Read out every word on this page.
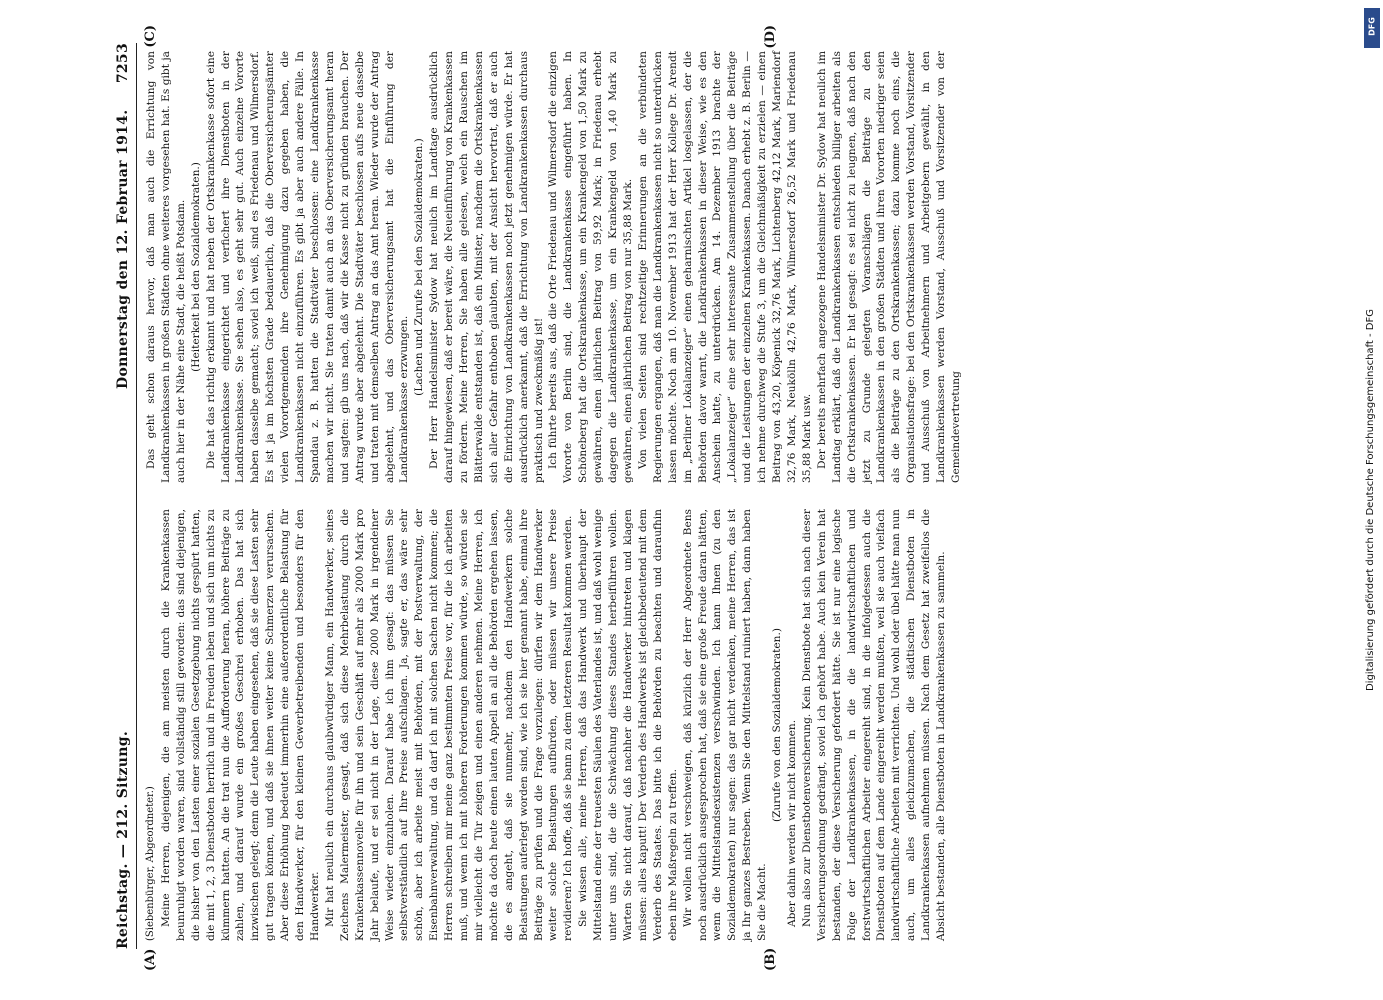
Reichstag. — 212. Sitzung.
Donnerstag den 12. Februar 1914.
7253
(A)	(B)

(Siebenbürger, Abgeordneter.) Meine Herren, diejenigen, die am meisten durch die Krankenkassen beunruhigt worden waren, sind vollständig still geworden: das sind diejenigen, die bisher von den Lasten einer sozialen Gesetzgebung nichts gespürt hatten, die mit 1, 2, 3 Dienstboten herrlich und in Freuden leben und sich um nichts zu kümmern hatten. An die trat nun die Aufforderung heran, höhere Beiträge zu zahlen, und darauf wurde ein großes Geschrei erhoben. Das hat sich inzwischen gelegt; denn die Leute haben eingesehen, daß sie diese Lasten sehr gut tragen können, und daß sie ihnen weiter keine Schmerzen verursachen. Aber diese Erhöhung bedeutet immerhin eine außerordentliche Belastung für den Handwerker, für den kleinen Gewerbetreibenden und besonders für den Handwerker. Mir hat neulich ein durchaus glaubwürdiger Mann, ein Handwerker, seines Zeichens Malermeister, gesagt, daß sich diese Mehrbelastung durch die Krankenkassennovelle für ihn und sein Geschäft auf mehr als 2000 Mark pro Jahr belaufe, und er sei nicht in der Lage, diese 2000 Mark in irgendeiner Weise wieder einzuholen. Darauf habe ich ihm gesagt: das müssen Sie selbstverständlich auf Ihre Preise aufschlagen. Ja, sagte er, das wäre sehr schön, aber ich arbeite meist mit Behörden, mit der Postverwaltung, der Eisenbahnverwaltung, und da darf ich mit solchen Sachen nicht kommen; die Herren schreiben mir meine ganz bestimmten Preise vor, für die ich arbeiten muß, und wenn ich mit höheren Forderungen kommen würde, so würden sie mir vielleicht die Tür zeigen und einen anderen nehmen. Meine Herren, ich möchte da doch heute einen lauten Appell an all die Behörden ergehen lassen, die es angeht, daß sie nunmehr, nachdem den Handwerkern solche Belastungen auferlegt worden sind, wie ich sie hier genannt habe, einmal ihre Beiträge zu prüfen und die Frage vorzulegen: dürfen wir dem Handwerker weiter solche Belastungen aufbürden, oder müssen wir unsere Preise revidieren? Ich hoffe, daß sie bann zu dem letzteren Resultat kommen werden. Sie wissen alle, meine Herren, daß das Handwerk und überhaupt der Mittelstand eine der treuesten Säulen des Vaterlandes ist, und daß wohl wenige unter uns sind, die die Schwächung dieses Standes herbeiführen wollen. Warten Sie nicht darauf, daß nachher die Handwerker hintreten und klagen müssen: alles kaputt! Der Verderb des Handwerks ist gleichbedeutend mit dem Verderb des Staates. Das bitte ich die Behörden zu beachten und daraufhin eben ihre Maßregeln zu treffen. Wir wollen nicht verschweigen, daß kürzlich der Herr Abgeordnete Bens noch ausdrücklich ausgesprochen hat, daß sie eine große Freude daran hätten, wenn die Mittelstandsexistenzen verschwinden. Ich kann Ihnen (zu den Sozialdemokraten) nur sagen: das gar nicht verdenken, meine Herren, das ist ja Ihr ganzes Bestreben. Wenn Sie den Mittelstand ruiniert haben, dann haben Sie die Macht.

(Zurufe von den Sozialdemokraten.) Aber dahin werden wir nicht kommen. Nun also zur Dienstbotenversicherung. Kein Dienstbote hat sich nach dieser Versicherungsordnung gedrängt, soviel ich gehört habe. Auch kein Verein hat bestanden, der diese Versicherung gefordert hätte. Sie ist nur eine logische Folge der Landkrankenkassen, in die die landwirtschaftlichen und forstwirtschaftlichen Arbeiter eingereiht sind, in die infolgedessen auch die Dienstboten auf dem Lande eingereiht werden mußten, weil sie auch vielfach landwirtschaftliche Arbeiten mit verrichten. Und wohl oder übel hätte man nun auch, um alles gleichzumachen, die städtischen Dienstboten in Landkrankenkassen aufnehmen müssen. Nach dem Gesetz hat zweifellos die Absicht bestanden, alle Dienstboten in Landkrankenkassen zu sammeln.

(C)	(D)

Das geht schon daraus hervor, daß man auch die Errichtung von Landkrankenkassen in großen Städten ohne weiteres vorgesehen hat. Es gibt ja auch hier in der Nähe eine Stadt, die heißt Potsdam. (Heiterkeit bei den Sozialdemokraten.) Die hat das richtig erkannt und hat neben der Ortskrankenkasse sofort eine Landkrankenkasse eingerichtet und verfichert ihre Dienstboten in der Landkrankenkasse. Sie sehen also, es geht sehr gut. Auch einzelne Vororte haben dasselbe gemacht; soviel ich weiß, sind es Friedenau und Wilmersdorf. Es ist ja im höchsten Grade bedauerlich, daß die Oberversicherungsämter vielen Vorortgemeinden ihre Genehmigung dazu gegeben haben, die Landkrankenkassen nicht einzuführen. Es gibt ja aber auch andere Fälle. In Spandau z. B. hatten die Stadtväter beschlossen: eine Landkrankenkasse machen wir nicht. Sie traten damit auch an das Oberversicherungsamt heran und sagten: gib uns nach, daß wir die Kasse nicht zu gründen brauchen. Der Antrag wurde aber abgelehnt. Die Stadtväter beschlossen aufs neue dasselbe und traten mit demselben Antrag an das Amt heran. Wieder wurde der Antrag abgelehnt, und das Oberversicherungsamt hat die Einführung der Landkrankenkasse erzwungen.

(Lachen und Zurufe bei den Sozialdemokraten.) Der Herr Handelsminister Sydow hat neulich im Landtage ausdrücklich darauf hingewiesen, daß er bereit wäre, die Neueinführung von Krankenkassen zu fördern. Meine Herren, Sie haben alle gelesen, welch ein Rauschen im Blätterwalde entstanden ist, daß ein Minister, nachdem die Ortskrankenkassen sich aller Gefahr enthoben glaubten, mit der Ansicht hervortrat, daß er auch die Einrichtung von Landkrankenkassen noch jetzt genehmigen würde. Er hat ausdrücklich anerkannt, daß die Errichtung von Landkrankenkassen durchaus praktisch und zweckmäßig ist! Ich führte bereits aus, daß die Orte Friedenau und Wilmersdorf die einzigen Vororte von Berlin sind, die Landkrankenkasse eingeführt haben. In Schöneberg hat die Ortskrankenkasse, um ein Krankengeld von 1,50 Mark zu gewähren, einen jährlichen Beitrag von 59,92 Mark; in Friedenau erhebt dagegen die Landkrankenkasse, um ein Krankengeld von 1,40 Mark zu gewähren, einen jährlichen Beitrag von nur 35,88 Mark. Von vielen Seiten sind rechtzeitige Erinnerungen an die verbündeten Regierungen ergangen, daß man die Landkrankenkassen nicht so unterdrücken lassen möchte. Noch am 10. November 1913 hat der Herr Kollege Dr. Arendt im „Berliner Lokalanzeiger“ einen geharnischten Artikel losgelassen, der die Behörden davor warnt, die Landkrankenkassen in dieser Weise, wie es den Anschein hatte, zu unterdrücken. Am 14. Dezember 1913 brachte der „Lokalanzeiger“ eine sehr interessante Zusammenstellung über die Beiträge und die Leistungen der einzelnen Krankenkassen. Danach erhebt z. B. Berlin — ich nehme durchweg die Stufe 3, um die Gleichmäßigkeit zu erzielen — einen Beitrag von 43,20, Köpenick 32,76 Mark, Lichtenberg 42,12 Mark, Mariendorf 32,76 Mark, Neukölln 42,76 Mark, Wilmersdorf 26,52 Mark und Friedenau 35,88 Mark usw. Der bereits mehrfach angezogene Handelsminister Dr. Sydow hat neulich im Landtag erklärt, daß die Landkrankenkassen entschieden billiger arbeiten als die Ortskrankenkassen. Er hat gesagt: es sei nicht zu leugnen, daß nach den jetzt zu Grunde gelegten Voranschlägen die Beiträge zu den Landkrankenkassen in den großen Städten und ihren Vororten niedriger seien als die Beiträge zu den Ortskrankenkassen; dazu komme noch eins, die Organisationsfrage: bei den Ortskrankenkassen werden Vorstand, Vorsitzender und Ausschuß von Arbeitnehmern und Arbeitgebern gewählt, in den Landkrankenkassen werden Vorstand, Ausschuß und Vorsitzender von der Gemeindevertretung	Digitalisierung gefördert durch die Deutsche Forschungsgemeinschaft - DFG
DFG
